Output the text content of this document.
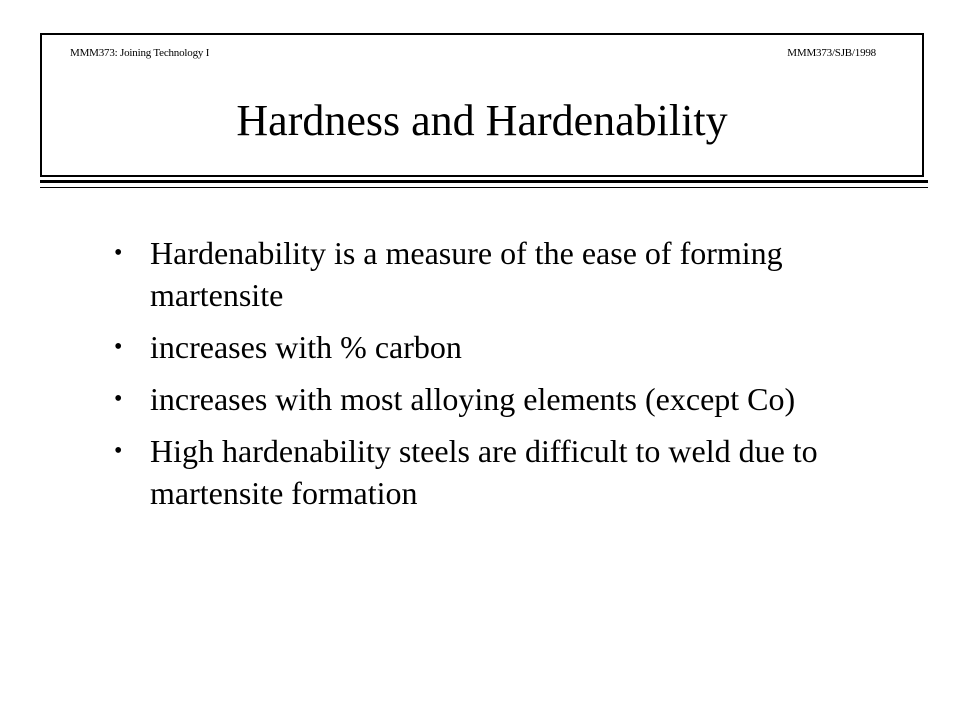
MMM373: Joining Technology I	MMM373/SJB/1998
Hardness and Hardenability
• Hardenability is a measure of the ease of forming martensite
• increases with % carbon
• increases with most alloying elements (except Co)
• High hardenability steels are difficult to weld due to martensite formation
